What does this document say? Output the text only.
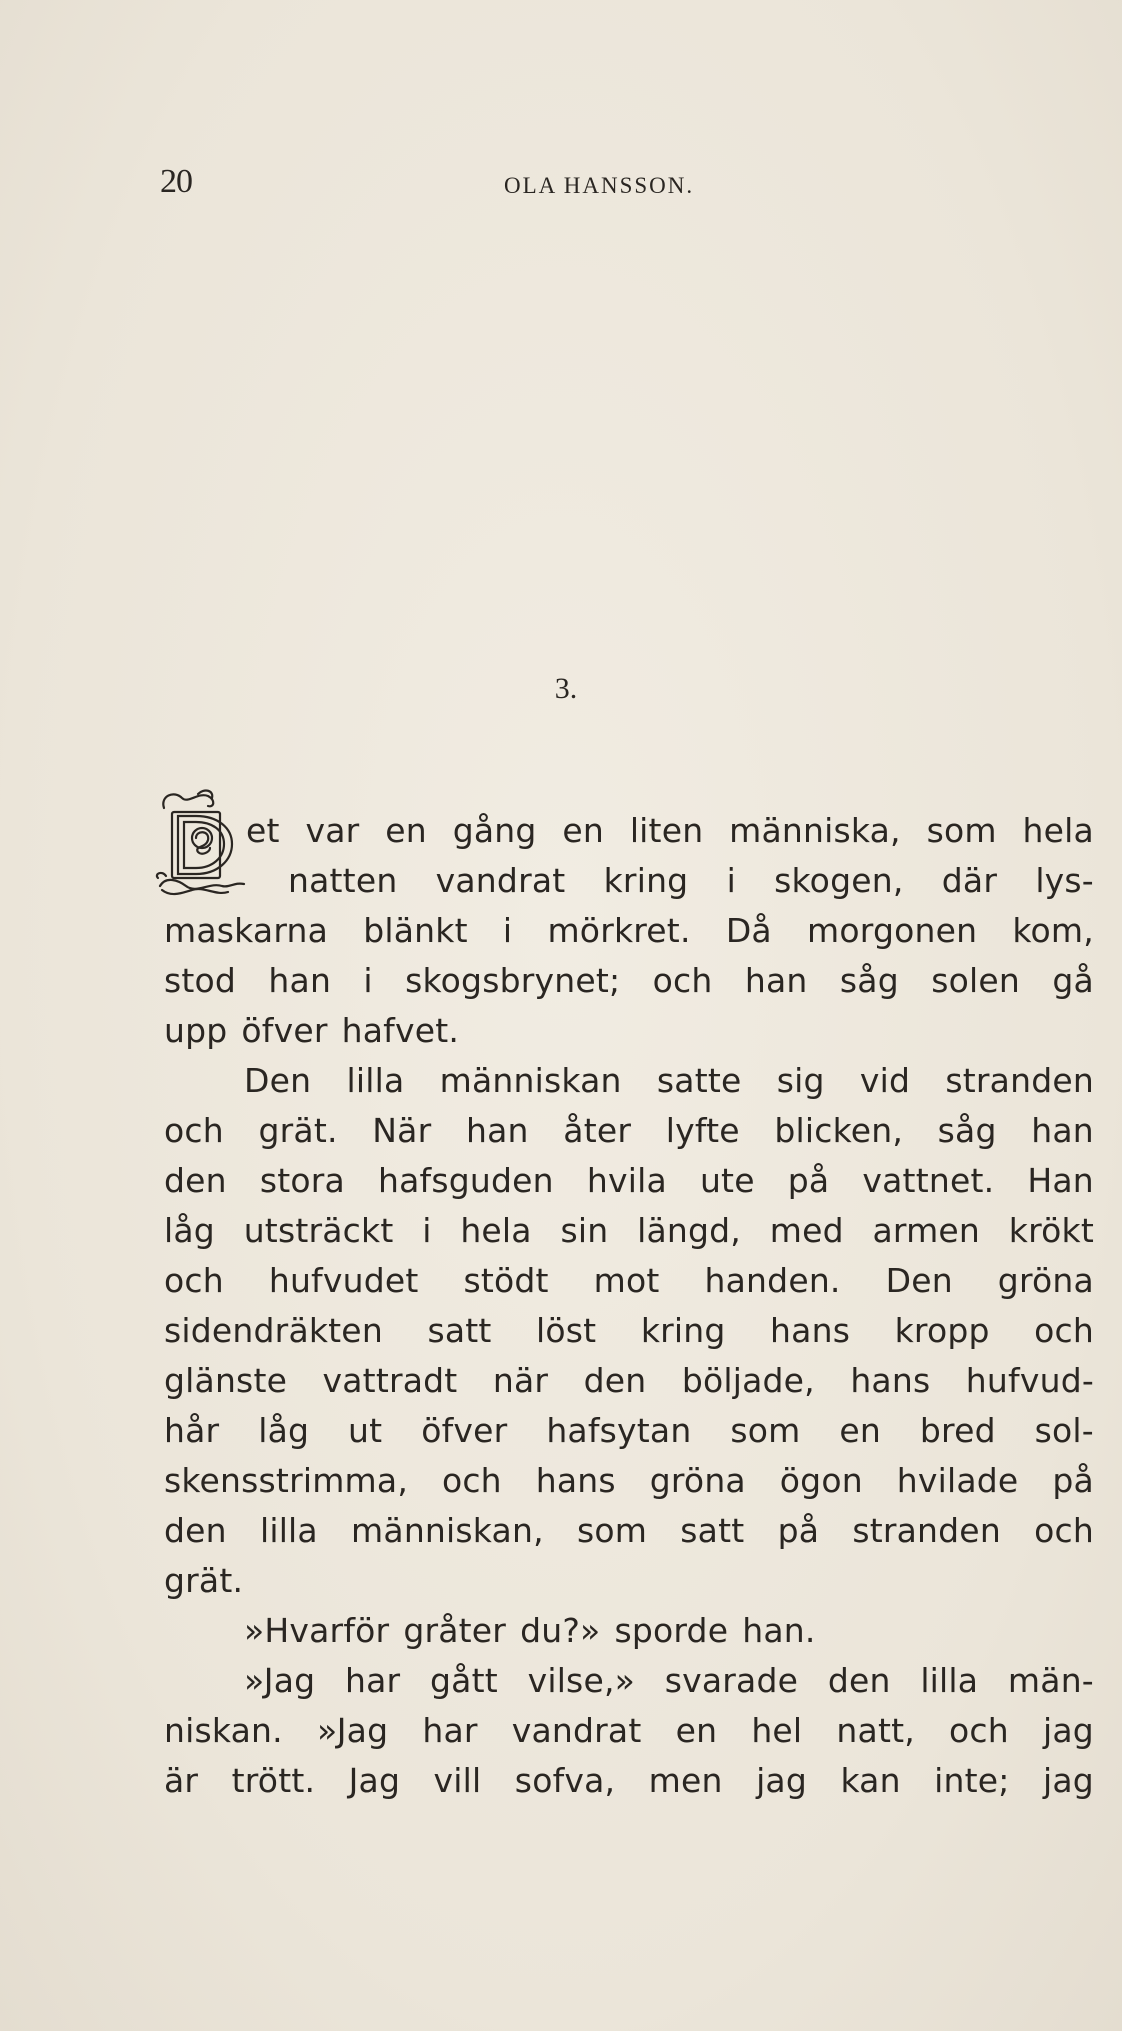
20	OLA HANSSON.
3.
et var en gång en liten människa, som hela
natten vandrat kring i skogen, där lys-
maskarna blänkt i mörkret. Då morgonen kom,
stod han i skogsbrynet; och han såg solen gå
upp öfver hafvet.
Den lilla människan satte sig vid stranden
och grät. När han åter lyfte blicken, såg han
den stora hafsguden hvila ute på vattnet. Han
låg utsträckt i hela sin längd, med armen krökt
och hufvudet stödt mot handen. Den gröna
sidendräkten satt löst kring hans kropp och
glänste vattradt när den böljade, hans hufvud-
hår låg ut öfver hafsytan som en bred sol-
skensstrimma, och hans gröna ögon hvilade på
den lilla människan, som satt på stranden och
grät.
»Hvarför gråter du?» sporde han.
»Jag har gått vilse,» svarade den lilla män-
niskan. »Jag har vandrat en hel natt, och jag
är trött. Jag vill sofva, men jag kan inte; jag
